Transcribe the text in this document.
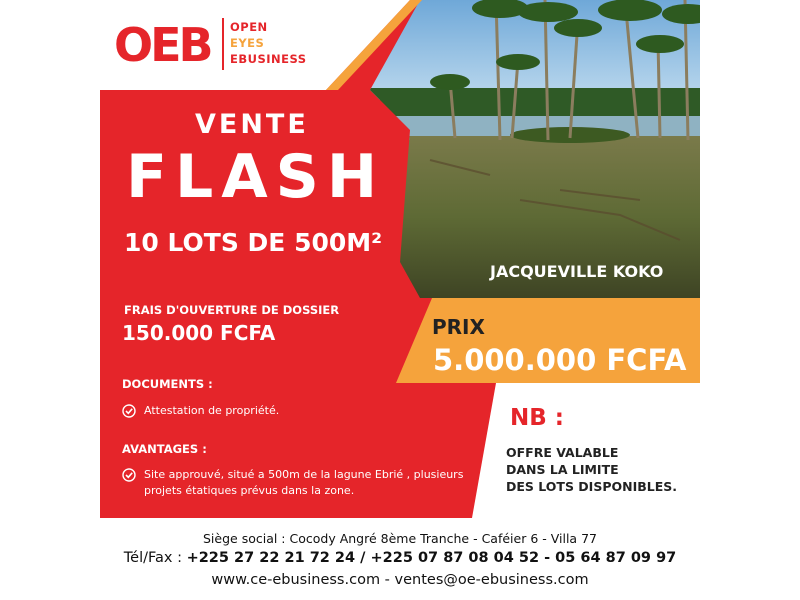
OEB OPEN
EYES
EBUSINESS
VENTE
FLASH
10 LOTS DE 500M²
FRAIS D'OUVERTURE DE DOSSIER
150.000 FCFA
DOCUMENTS :
Attestation de propriété.
AVANTAGES :
Site approuvé, situé a 500m de la lagune Ebrié , plusieurs projets étatiques prévus dans la zone.
JACQUEVILLE KOKO
PRIX
5.000.000 FCFA
NB :
OFFRE VALABLE
DANS LA LIMITE
DES LOTS DISPONIBLES.
Siège social : Cocody Angré 8ème Tranche - Caféier 6 - Villa 77
Tél/Fax : +225 27 22 21 72 24 / +225 07 87 08 04 52 - 05 64 87 09 97
www.ce-ebusiness.com - ventes@oe-ebusiness.com
